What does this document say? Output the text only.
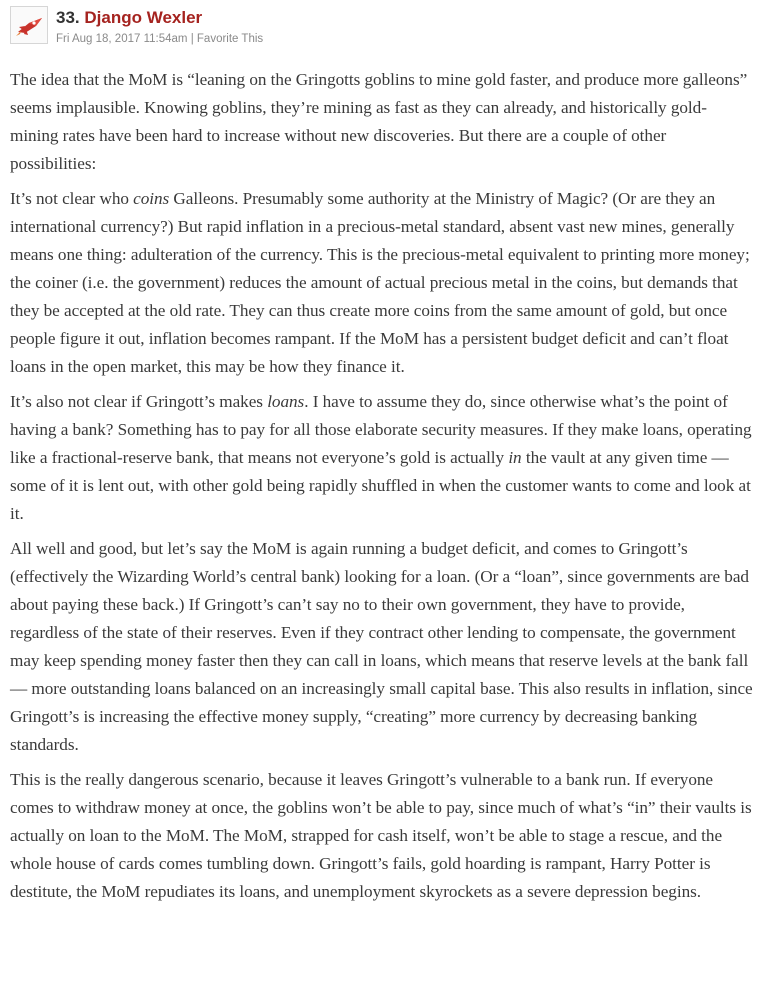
33. Django Wexler
Fri Aug 18, 2017 11:54am | Favorite This

The idea that the MoM is “leaning on the Gringotts goblins to mine gold faster, and produce more galleons” seems implausible. Knowing goblins, they’re mining as fast as they can already, and historically gold-mining rates have been hard to increase without new discoveries. But there are a couple of other possibilities:

It’s not clear who coins Galleons. Presumably some authority at the Ministry of Magic? (Or are they an international currency?) But rapid inflation in a precious-metal standard, absent vast new mines, generally means one thing: adulteration of the currency. This is the precious-metal equivalent to printing more money; the coiner (i.e. the government) reduces the amount of actual precious metal in the coins, but demands that they be accepted at the old rate. They can thus create more coins from the same amount of gold, but once people figure it out, inflation becomes rampant. If the MoM has a persistent budget deficit and can’t float loans in the open market, this may be how they finance it.

It’s also not clear if Gringott’s makes loans. I have to assume they do, since otherwise what’s the point of having a bank? Something has to pay for all those elaborate security measures. If they make loans, operating like a fractional-reserve bank, that means not everyone’s gold is actually in the vault at any given time — some of it is lent out, with other gold being rapidly shuffled in when the customer wants to come and look at it.

All well and good, but let’s say the MoM is again running a budget deficit, and comes to Gringott’s (effectively the Wizarding World’s central bank) looking for a loan. (Or a “loan”, since governments are bad about paying these back.) If Gringott’s can’t say no to their own government, they have to provide, regardless of the state of their reserves. Even if they contract other lending to compensate, the government may keep spending money faster then they can call in loans, which means that reserve levels at the bank fall — more outstanding loans balanced on an increasingly small capital base. This also results in inflation, since Gringott’s is increasing the effective money supply, “creating” more currency by decreasing banking standards.

This is the really dangerous scenario, because it leaves Gringott’s vulnerable to a bank run. If everyone comes to withdraw money at once, the goblins won’t be able to pay, since much of what’s “in” their vaults is actually on loan to the MoM. The MoM, strapped for cash itself, won’t be able to stage a rescue, and the whole house of cards comes tumbling down. Gringott’s fails, gold hoarding is rampant, Harry Potter is destitute, the MoM repudiates its loans, and unemployment skyrockets as a severe depression begins.
